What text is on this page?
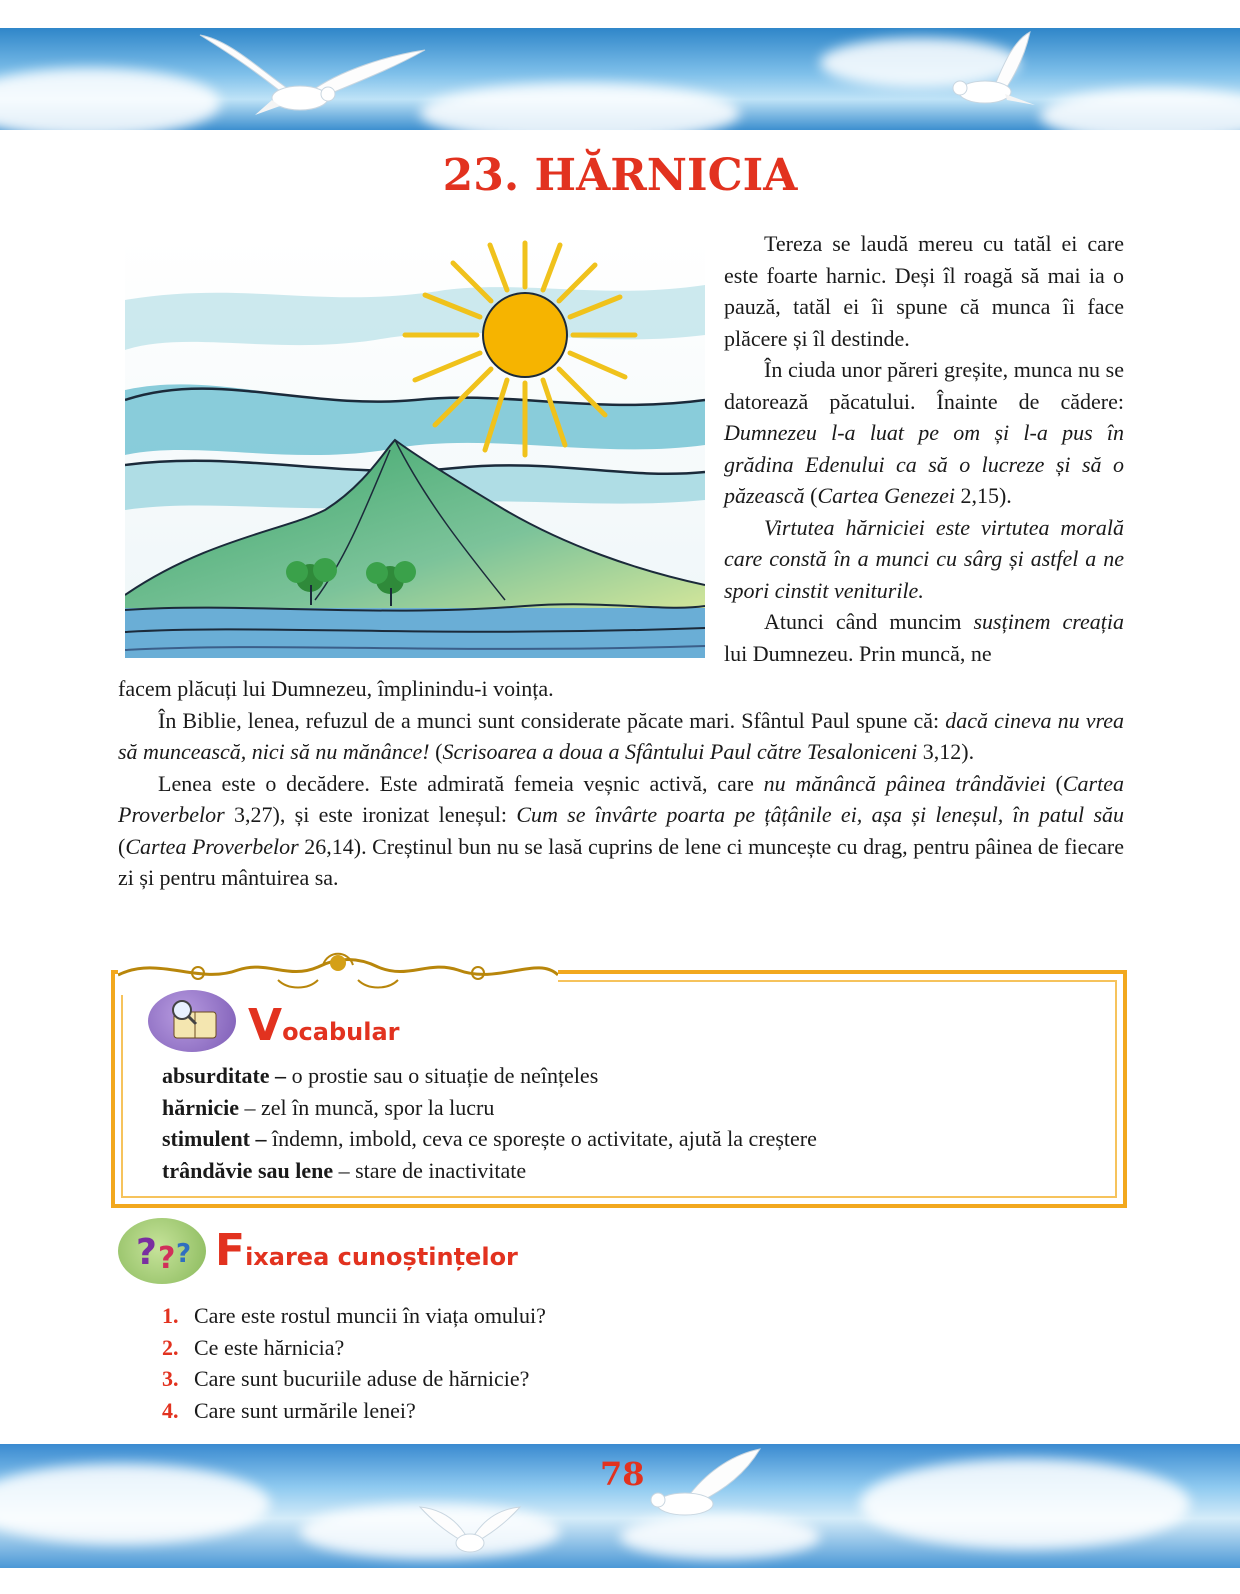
23. HĂRNICIA

Tereza se laudă mereu cu tatăl ei care este foarte harnic. Deși îl roagă să mai ia o pauză, tatăl ei îi spune că munca îi face plăcere și îl destinde.

În ciuda unor păreri greșite, munca nu se datorează păcatului. Înainte de cădere: Dumnezeu l-a luat pe om și l-a pus în grădina Edenului ca să o lucreze și să o păzească (Cartea Genezei 2,15).

Virtutea hărniciei este virtutea morală care constă în a munci cu sârg și astfel a ne spori cinstit veniturile.

Atunci când muncim susținem creația lui Dumnezeu. Prin muncă, ne

facem plăcuți lui Dumnezeu, împlinindu-i voința.

În Biblie, lenea, refuzul de a munci sunt considerate păcate mari. Sfântul Paul spune că: dacă cineva nu vrea să muncească, nici să nu mănânce! (Scrisoarea a doua a Sfântului Paul către Tesaloniceni 3,12).

Lenea este o decădere. Este admirată femeia veșnic activă, care nu mănâncă pâinea trândăviei (Cartea Proverbelor 3,27), și este ironizat leneșul: Cum se învârte poarta pe țâțânile ei, așa și leneșul, în patul său (Cartea Proverbelor 26,14). Creștinul bun nu se lasă cuprins de lene ci muncește cu drag, pentru pâinea de fiecare zi și pentru mântuirea sa.

Vocabular
absurditate – o prostie sau o situație de neînțeles
hărnicie – zel în muncă, spor la lucru
stimulent – îndemn, imbold, ceva ce sporește o activitate, ajută la creștere
trândăvie sau lene – stare de inactivitate
? ? ? Fixarea cunoștințelor
1. Care este rostul muncii în viața omului?
2. Ce este hărnicia?
3. Care sunt bucuriile aduse de hărnicie?
4. Care sunt urmările lenei?
78
